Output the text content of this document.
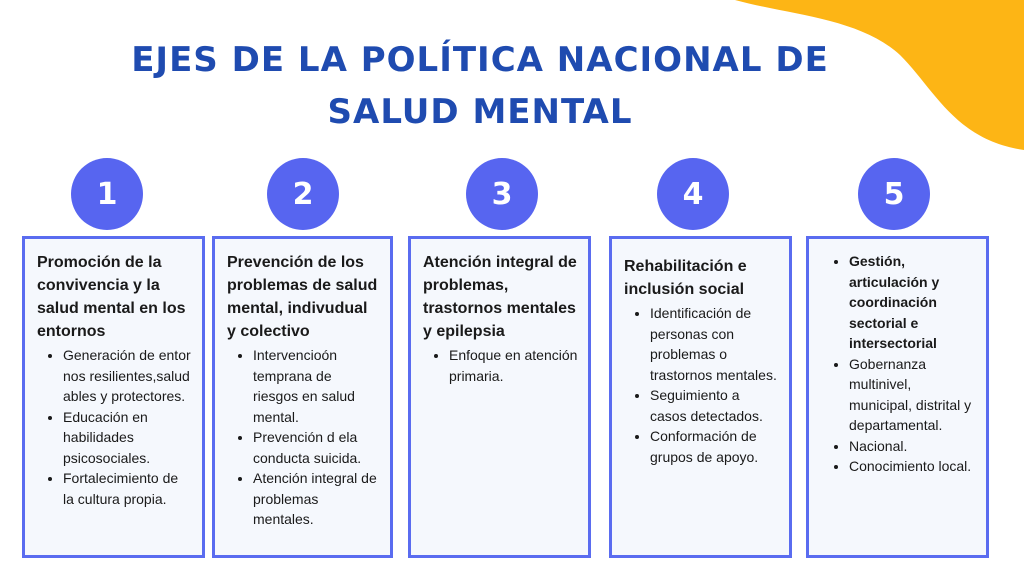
EJES DE LA POLÍTICA NACIONAL DE
SALUD MENTAL
1
Promoción de la convivencia y la salud mental en los entornos
• Generación de entornos resilientes,saludables y protectores.
• Educación en habilidades psicosociales.
• Fortalecimiento de la cultura propia.
2
Prevención de los problemas de salud mental, indivudual y colectivo
• Intervencioón temprana de riesgos en salud mental.
• Prevención d ela conducta suicida.
• Atención integral de problemas mentales.
3
Atención integral de problemas, trastornos mentales y epilepsia
• Enfoque en atención primaria.
4
Rehabilitación e inclusión social
• Identificación de personas con problemas o trastornos mentales.
• Seguimiento a casos detectados.
• Conformación de grupos de apoyo.
5
• Gestión, articulación y coordinación sectorial e intersectorial
• Gobernanza multinivel, municipal, distrital y departamental.
• Nacional.
• Conocimiento local.
